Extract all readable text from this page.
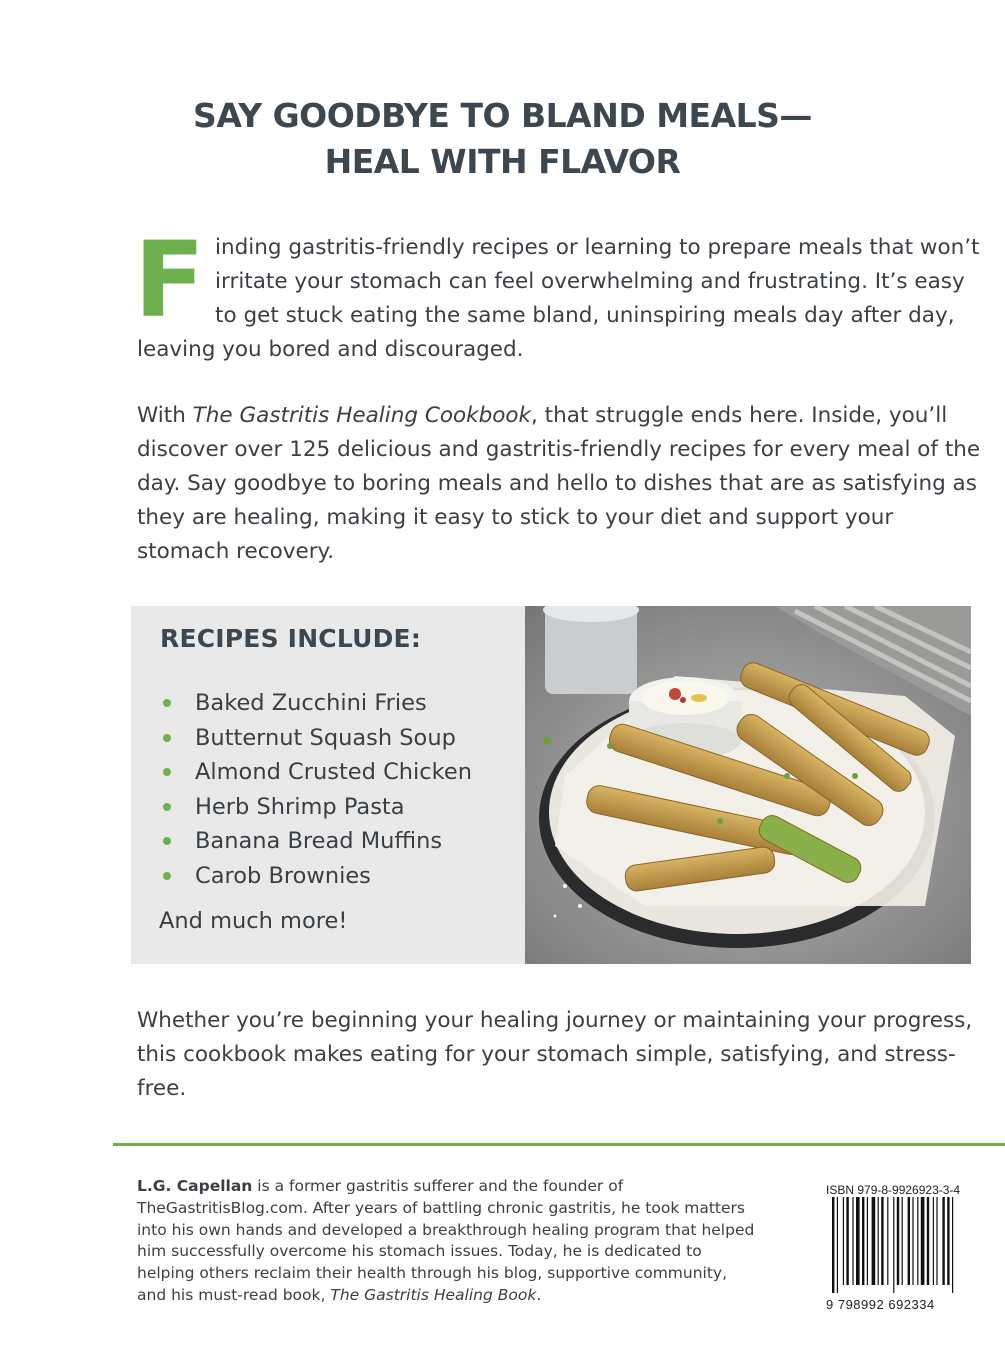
SAY GOODBYE TO BLAND MEALS—
HEAL WITH FLAVOR
Finding gastritis-friendly recipes or learning to prepare meals that won’t irritate your stomach can feel overwhelming and frustrating. It’s easy to get stuck eating the same bland, uninspiring meals day after day, leaving you bored and discouraged.
With The Gastritis Healing Cookbook, that struggle ends here. Inside, you’ll discover over 125 delicious and gastritis-friendly recipes for every meal of the day. Say goodbye to boring meals and hello to dishes that are as satisfying as they are healing, making it easy to stick to your diet and support your stomach recovery.
RECIPES INCLUDE:
Baked Zucchini Fries
Butternut Squash Soup
Almond Crusted Chicken
Herb Shrimp Pasta
Banana Bread Muffins
Carob Brownies
And much more!
Whether you’re beginning your healing journey or maintaining your progress, this cookbook makes eating for your stomach simple, satisfying, and stress-free.
L.G. Capellan is a former gastritis sufferer and the founder of TheGastritisBlog.com. After years of battling chronic gastritis, he took matters into his own hands and developed a breakthrough healing program that helped him successfully overcome his stomach issues. Today, he is dedicated to helping others reclaim their health through his blog, supportive community, and his must-read book, The Gastritis Healing Book.
ISBN 979-8-9926923-3-4
9 798992 692334
